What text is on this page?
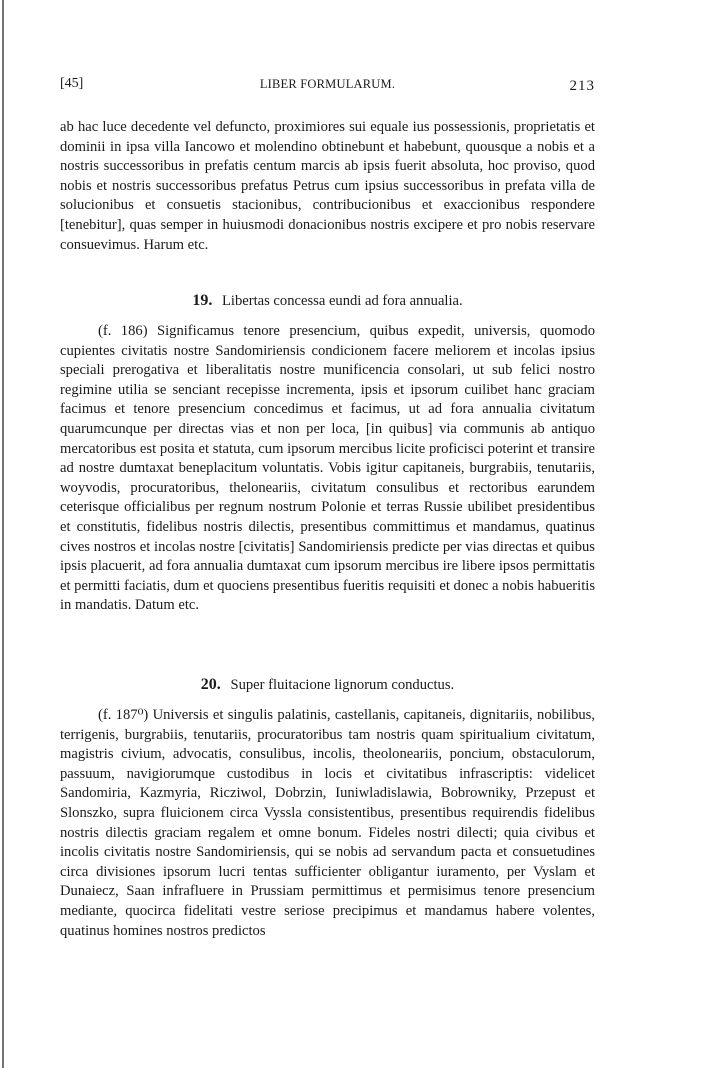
[45]	LIBER FORMULARUM.	213

ab hac luce decedente vel defuncto, proximiores sui equale ius possessionis, proprietatis et dominii in ipsa villa Iancowo et molendino obtinebunt et habebunt, quousque a nobis et a nostris successoribus in prefatis centum marcis ab ipsis fuerit absoluta, hoc proviso, quod nobis et nostris successoribus prefatus Petrus cum ipsius successoribus in prefata villa de solucionibus et consuetis stacionibus, contribucionibus et exaccionibus respondere [tenebitur], quas semper in huiusmodi donacionibus nostris excipere et pro nobis reservare consuevimus. Harum etc.

19. Libertas concessa eundi ad fora annualia.

(f. 186) Significamus tenore presencium, quibus expedit, universis, quomodo cupientes civitatis nostre Sandomiriensis condicionem facere meliorem et incolas ipsius speciali prerogativa et liberalitatis nostre munificencia consolari, ut sub felici nostro regimine utilia se senciant recepisse incrementa, ipsis et ipsorum cuilibet hanc graciam facimus et tenore presencium concedimus et facimus, ut ad fora annualia civitatum quarumcunque per directas vias et non per loca, [in quibus] via communis ab antiquo mercatoribus est posita et statuta, cum ipsorum mercibus licite proficisci poterint et transire ad nostre dumtaxat beneplacitum voluntatis. Vobis igitur capitaneis, burgrabiis, tenutariis, woyvodis, procuratoribus, theloneariis, civitatum consulibus et rectoribus earundem ceterisque officialibus per regnum nostrum Polonie et terras Russie ubilibet presidentibus et constitutis, fidelibus nostris dilectis, presentibus committimus et mandamus, quatinus cives nostros et incolas nostre [civitatis] Sandomiriensis predicte per vias directas et quibus ipsis placuerit, ad fora annualia dumtaxat cum ipsorum mercibus ire libere ipsos permittatis et permitti faciatis, dum et quociens presentibus fueritis requisiti et donec a nobis habueritis in mandatis. Datum etc.

20. Super fluitacione lignorum conductus.

(f. 187⁰) Universis et singulis palatinis, castellanis, capitaneis, dignitariis, nobilibus, terrigenis, burgrabiis, tenutariis, procuratoribus tam nostris quam spiritualium civitatum, magistris civium, advocatis, consulibus, incolis, theoloneariis, poncium, obstaculorum, passuum, navigiorumque custodibus in locis et civitatibus infrascriptis: videlicet Sandomiria, Kazmyria, Ricziwol, Dobrzin, Iuniwladislawia, Bobrowniky, Przepust et Slonszko, supra fluicionem circa Vyssla consistentibus, presentibus requirendis fidelibus nostris dilectis graciam regalem et omne bonum. Fideles nostri dilecti; quia civibus et incolis civitatis nostre Sandomiriensis, qui se nobis ad servandum pacta et consuetudines circa divisiones ipsorum lucri tentas sufficienter obligantur iuramento, per Vyslam et Dunaiecz, Saan infrafluere in Prussiam permittimus et permisimus tenore presencium mediante, quocirca fidelitati vestre seriose precipimus et mandamus habere volentes, quatinus homines nostros predictos
